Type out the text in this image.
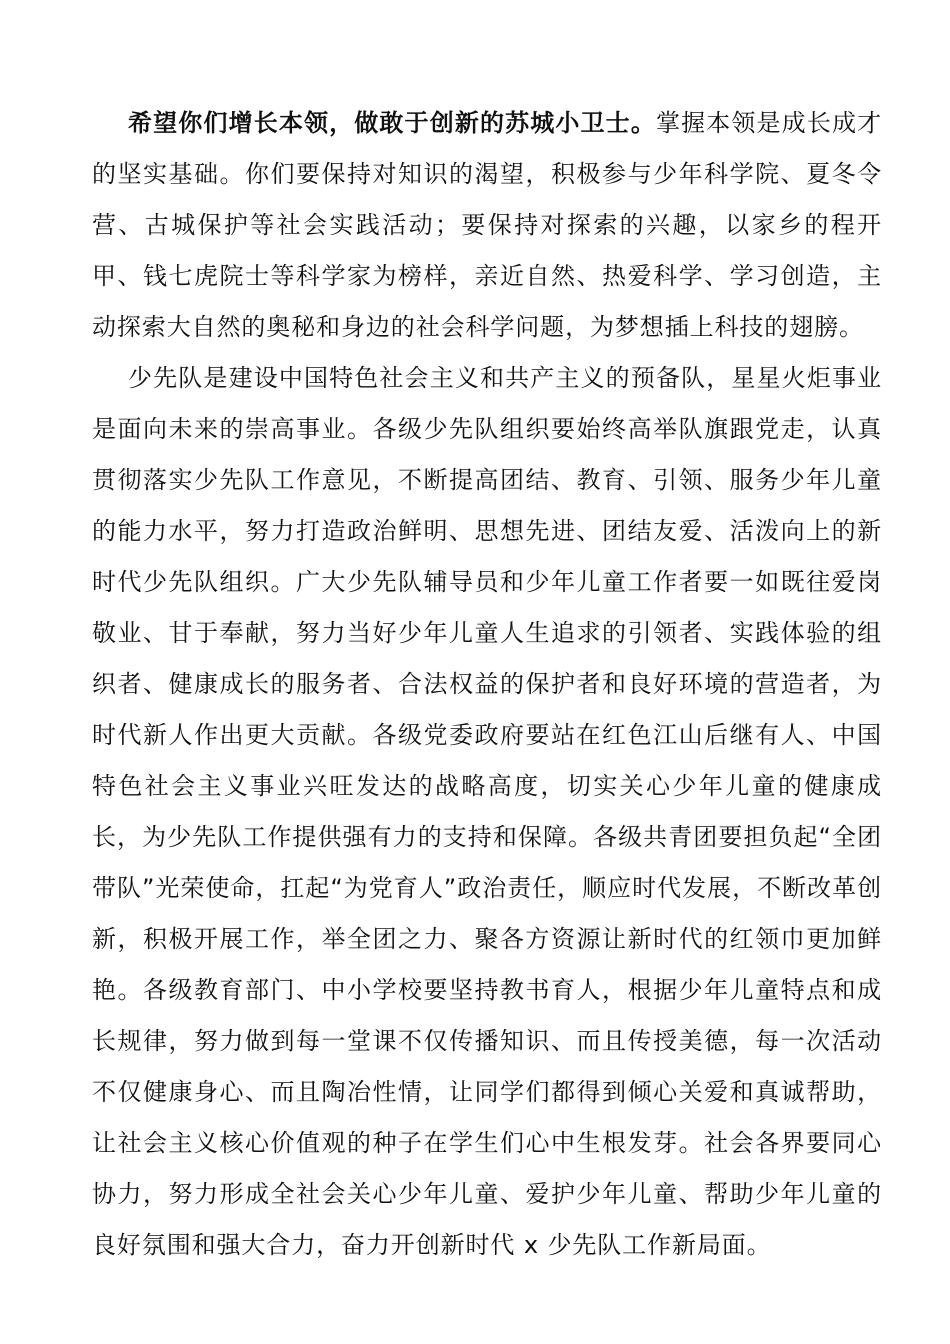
希望你们增长本领，做敢于创新的苏城小卫士。掌握本领是成长成才的坚实基础。你们要保持对知识的渴望，积极参与少年科学院、夏冬令营、古城保护等社会实践活动；要保持对探索的兴趣，以家乡的程开甲、钱七虎院士等科学家为榜样，亲近自然、热爱科学、学习创造，主动探索大自然的奥秘和身边的社会科学问题，为梦想插上科技的翅膀。

少先队是建设中国特色社会主义和共产主义的预备队，星星火炬事业是面向未来的崇高事业。各级少先队组织要始终高举队旗跟党走，认真贯彻落实少先队工作意见，不断提高团结、教育、引领、服务少年儿童的能力水平，努力打造政治鲜明、思想先进、团结友爱、活泼向上的新时代少先队组织。广大少先队辅导员和少年儿童工作者要一如既往爱岗敬业、甘于奉献，努力当好少年儿童人生追求的引领者、实践体验的组织者、健康成长的服务者、合法权益的保护者和良好环境的营造者，为时代新人作出更大贡献。各级党委政府要站在红色江山后继有人、中国特色社会主义事业兴旺发达的战略高度，切实关心少年儿童的健康成长，为少先队工作提供强有力的支持和保障。各级共青团要担负起“全团带队”光荣使命，扛起“为党育人”政治责任，顺应时代发展，不断改革创新，积极开展工作，举全团之力、聚各方资源让新时代的红领巾更加鲜艳。各级教育部门、中小学校要坚持教书育人，根据少年儿童特点和成长规律，努力做到每一堂课不仅传播知识、而且传授美德，每一次活动不仅健康身心、而且陶冶性情，让同学们都得到倾心关爱和真诚帮助，让社会主义核心价值观的种子在学生们心中生根发芽。社会各界要同心协力，努力形成全社会关心少年儿童、爱护少年儿童、帮助少年儿童的良好氛围和强大合力，奋力开创新时代 x 少先队工作新局面。
